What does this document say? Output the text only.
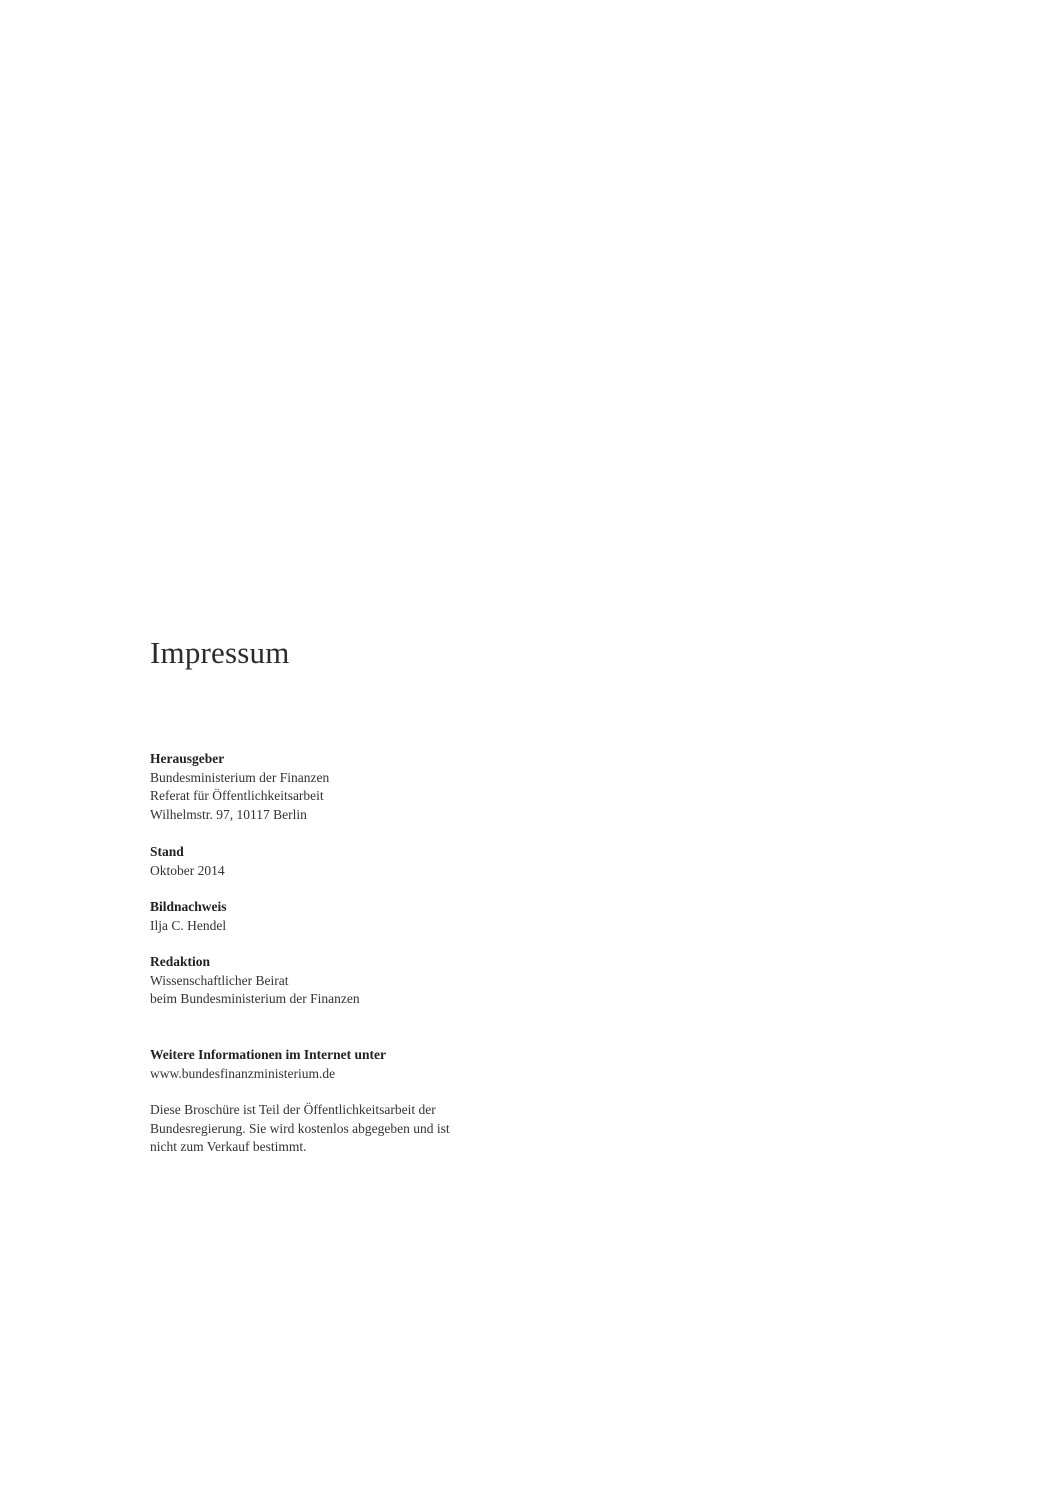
Impressum
Herausgeber
Bundesministerium der Finanzen
Referat für Öffentlichkeitsarbeit
Wilhelmstr. 97, 10117 Berlin
Stand
Oktober 2014
Bildnachweis
Ilja C. Hendel
Redaktion
Wissenschaftlicher Beirat
beim Bundesministerium der Finanzen
Weitere Informationen im Internet unter
www.bundesfinanzministerium.de
Diese Broschüre ist Teil der Öffentlichkeitsarbeit der
Bundesregierung. Sie wird kostenlos abgegeben und ist
nicht zum Verkauf bestimmt.
